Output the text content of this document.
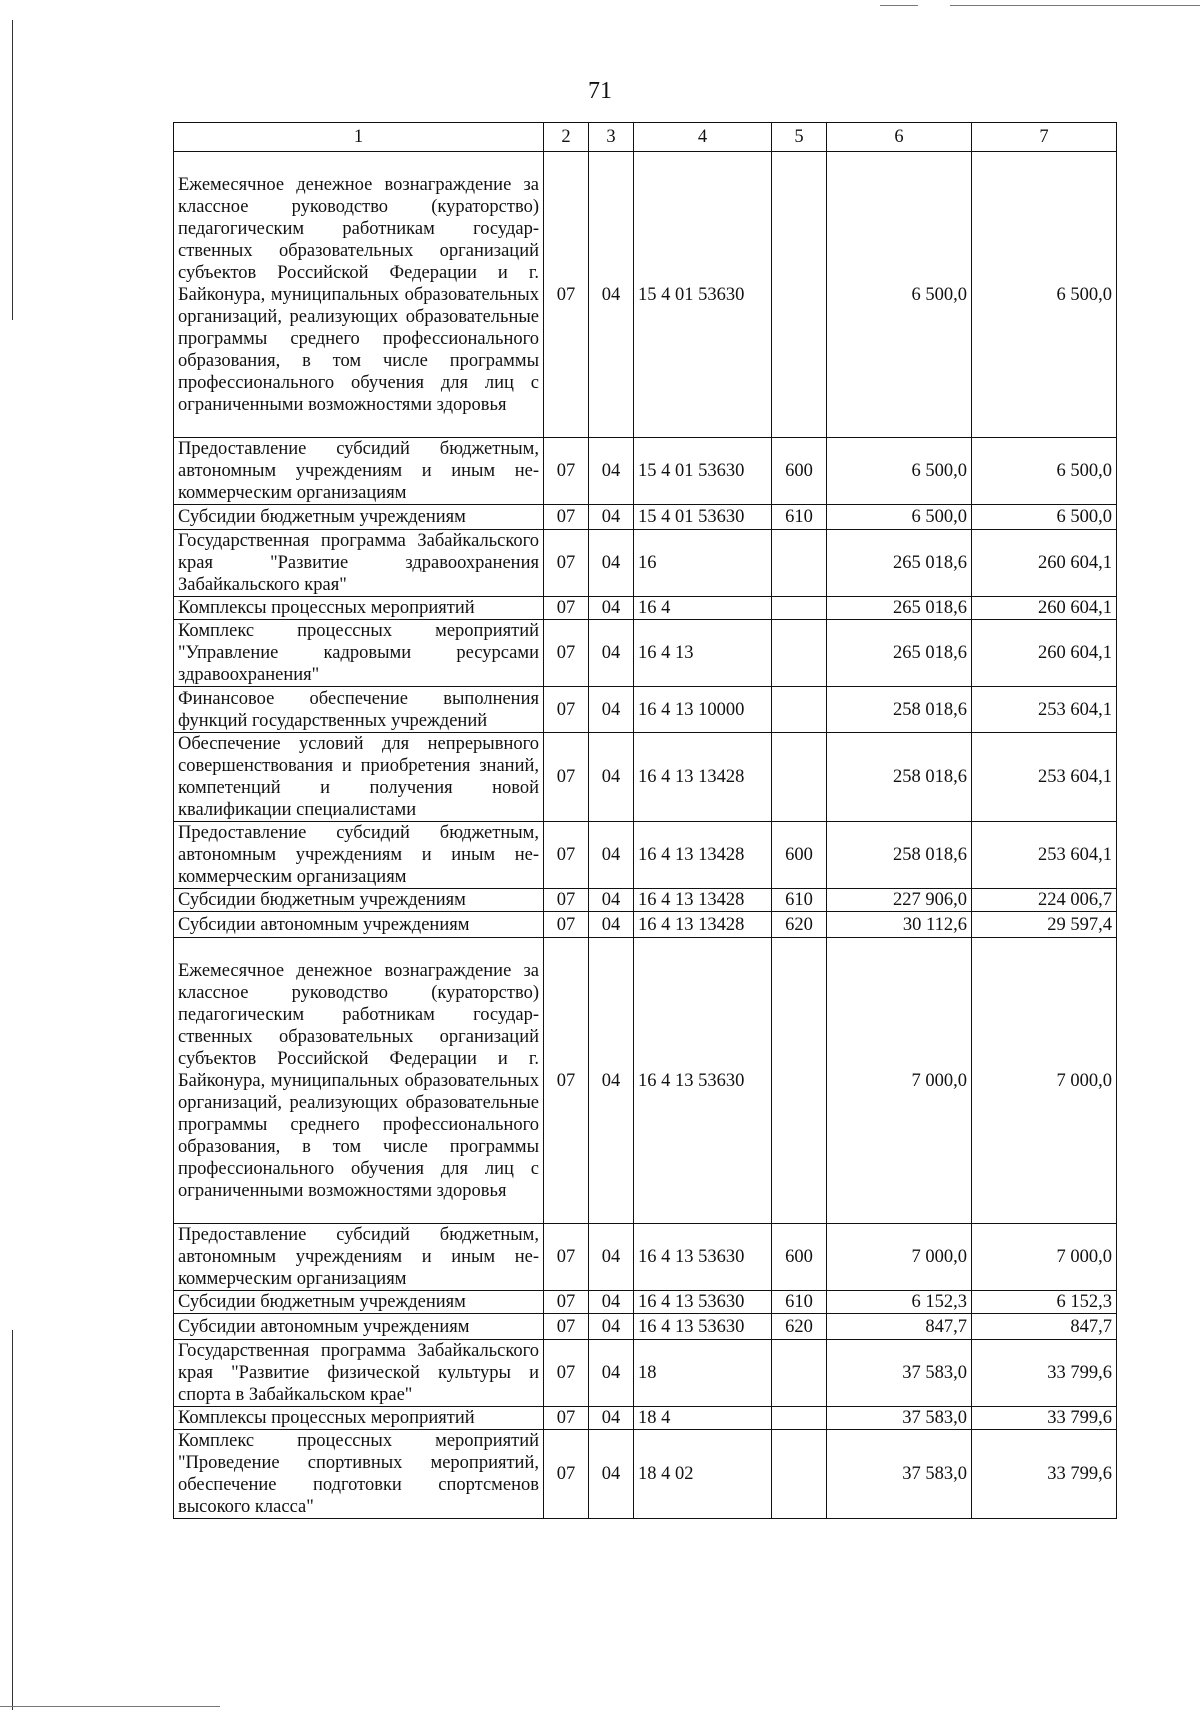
71
1	2	3	4	5	6	7
Ежемесячное денежное вознаграждение за классное руководство (кураторство) педагогическим работникам государственных образовательных организаций субъектов Российской Федерации и г. Байконура, муниципальных образовательных организаций, реализующих образовательные программы среднего профессионального образования, в том числе программы профессионального обучения для лиц с ограниченными возможностями здоровья	07	04	15 4 01 53630		6 500,0	6 500,0
Предоставление субсидий бюджетным, автономным учреждениям и иным некоммерческим организациям	07	04	15 4 01 53630	600	6 500,0	6 500,0
Субсидии бюджетным учреждениям	07	04	15 4 01 53630	610	6 500,0	6 500,0
Государственная программа Забайкальского края "Развитие здравоохранения Забайкальского края"	07	04	16		265 018,6	260 604,1
Комплексы процессных мероприятий	07	04	16 4		265 018,6	260 604,1
Комплекс процессных мероприятий "Управление кадровыми ресурсами здравоохранения"	07	04	16 4 13		265 018,6	260 604,1
Финансовое обеспечение выполнения функций государственных учреждений	07	04	16 4 13 10000		258 018,6	253 604,1
Обеспечение условий для непрерывного совершенствования и приобретения знаний, компетенций и получения новой квалификации специалистами	07	04	16 4 13 13428		258 018,6	253 604,1
Предоставление субсидий бюджетным, автономным учреждениям и иным некоммерческим организациям	07	04	16 4 13 13428	600	258 018,6	253 604,1
Субсидии бюджетным учреждениям	07	04	16 4 13 13428	610	227 906,0	224 006,7
Субсидии автономным учреждениям	07	04	16 4 13 13428	620	30 112,6	29 597,4
Ежемесячное денежное вознаграждение за классное руководство (кураторство) педагогическим работникам государственных образовательных организаций субъектов Российской Федерации и г. Байконура, муниципальных образовательных организаций, реализующих образовательные программы среднего профессионального образования, в том числе программы профессионального обучения для лиц с ограниченными возможностями здоровья	07	04	16 4 13 53630		7 000,0	7 000,0
Предоставление субсидий бюджетным, автономным учреждениям и иным некоммерческим организациям	07	04	16 4 13 53630	600	7 000,0	7 000,0
Субсидии бюджетным учреждениям	07	04	16 4 13 53630	610	6 152,3	6 152,3
Субсидии автономным учреждениям	07	04	16 4 13 53630	620	847,7	847,7
Государственная программа Забайкальского края "Развитие физической культуры и спорта в Забайкальском крае"	07	04	18		37 583,0	33 799,6
Комплексы процессных мероприятий	07	04	18 4		37 583,0	33 799,6
Комплекс процессных мероприятий "Проведение спортивных мероприятий, обеспечение подготовки спортсменов высокого класса"	07	04	18 4 02		37 583,0	33 799,6
